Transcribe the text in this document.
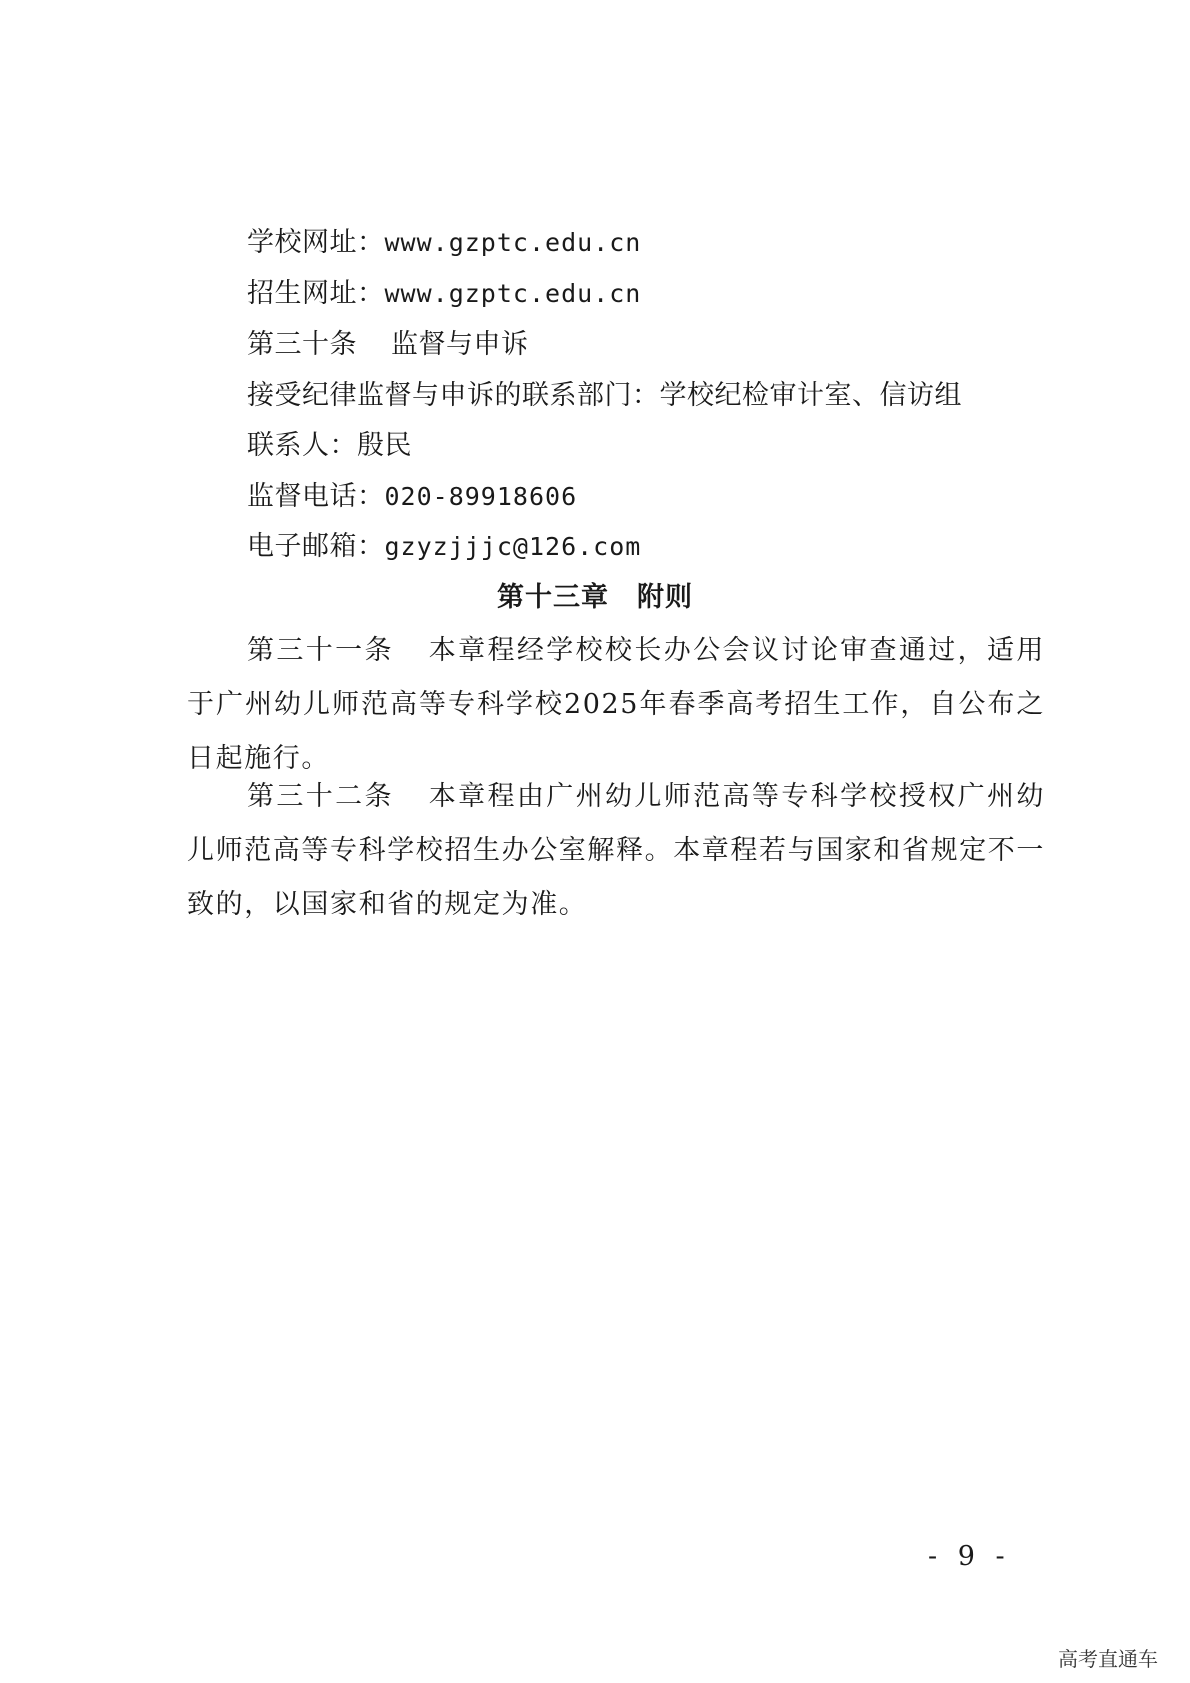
学校网址：www.gzptc.edu.cn
招生网址：www.gzptc.edu.cn
第三十条 监督与申诉
接受纪律监督与申诉的联系部门：学校纪检审计室、信访组
联系人：殷民
监督电话：020-89918606
电子邮箱：gzyzjjjc@126.com
第十三章　附则
第三十一条 本章程经学校校长办公会议讨论审查通过，适用于广州幼儿师范高等专科学校2025年春季高考招生工作，自公布之日起施行。
第三十二条 本章程由广州幼儿师范高等专科学校授权广州幼儿师范高等专科学校招生办公室解释。本章程若与国家和省规定不一致的，以国家和省的规定为准。
- 9 -
高考直通车
